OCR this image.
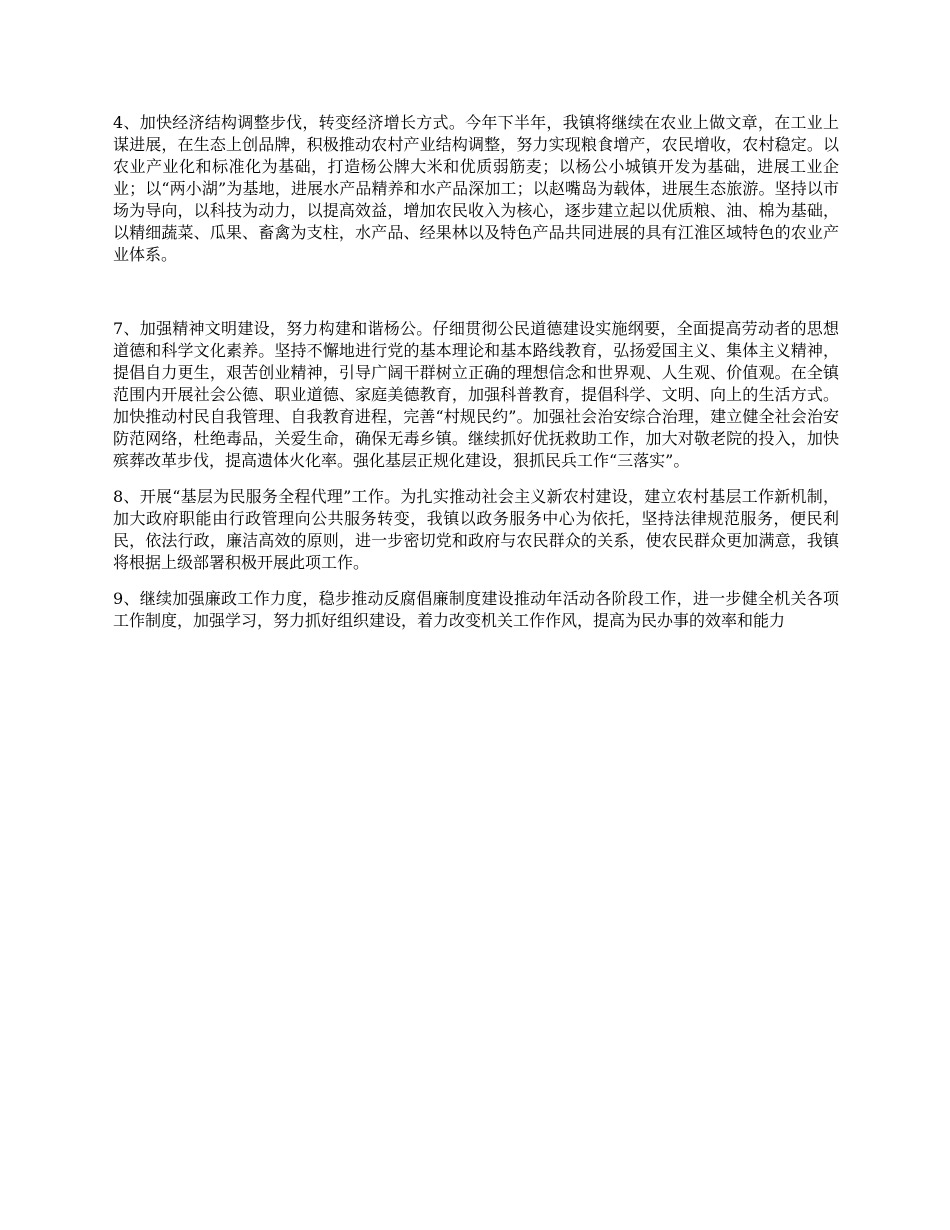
4、加快经济结构调整步伐，转变经济增长方式。今年下半年，我镇将继续在农业上做文章，在工业上谋进展，在生态上创品牌，积极推动农村产业结构调整，努力实现粮食增产，农民增收，农村稳定。以农业产业化和标准化为基础，打造杨公牌大米和优质弱筋麦；以杨公小城镇开发为基础，进展工业企业；以“两小湖”为基地，进展水产品精养和水产品深加工；以赵嘴岛为载体，进展生态旅游。坚持以市场为导向，以科技为动力，以提高效益，增加农民收入为核心，逐步建立起以优质粮、油、棉为基础，以精细蔬菜、瓜果、畜禽为支柱，水产品、经果林以及特色产品共同进展的具有江淮区域特色的农业产业体系。

7、加强精神文明建设，努力构建和谐杨公。仔细贯彻公民道德建设实施纲要，全面提高劳动者的思想道德和科学文化素养。坚持不懈地进行党的基本理论和基本路线教育，弘扬爱国主义、集体主义精神，提倡自力更生，艰苦创业精神，引导广阔干群树立正确的理想信念和世界观、人生观、价值观。在全镇范围内开展社会公德、职业道德、家庭美德教育，加强科普教育，提倡科学、文明、向上的生活方式。加快推动村民自我管理、自我教育进程，完善“村规民约”。加强社会治安综合治理，建立健全社会治安防范网络，杜绝毒品，关爱生命，确保无毒乡镇。继续抓好优抚救助工作，加大对敬老院的投入，加快殡葬改革步伐，提高遗体火化率。强化基层正规化建设，狠抓民兵工作“三落实”。

8、开展“基层为民服务全程代理”工作。为扎实推动社会主义新农村建设，建立农村基层工作新机制，加大政府职能由行政管理向公共服务转变，我镇以政务服务中心为依托，坚持法律规范服务，便民利民，依法行政，廉洁高效的原则，进一步密切党和政府与农民群众的关系，使农民群众更加满意，我镇将根据上级部署积极开展此项工作。

9、继续加强廉政工作力度，稳步推动反腐倡廉制度建设推动年活动各阶段工作，进一步健全机关各项工作制度，加强学习，努力抓好组织建设，着力改变机关工作作风，提高为民办事的效率和能力
